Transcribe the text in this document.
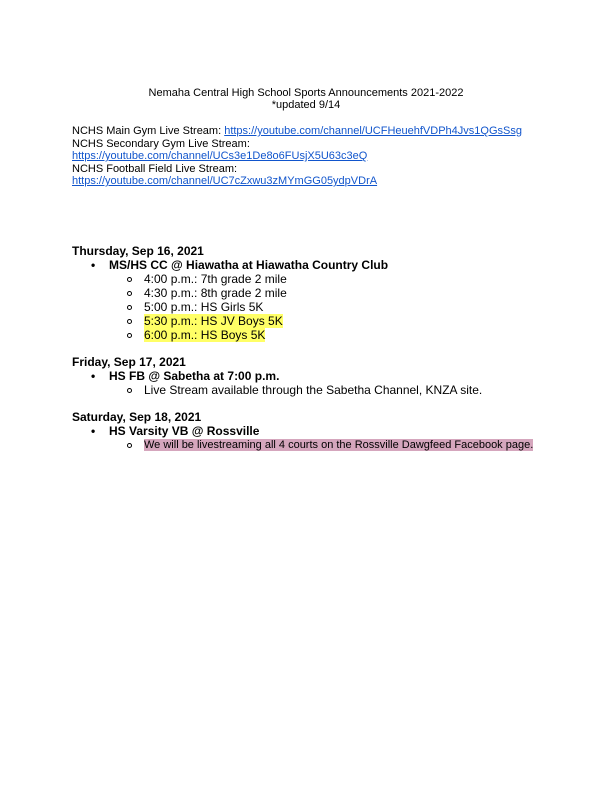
Nemaha Central High School Sports Announcements 2021-2022
*updated 9/14
NCHS Main Gym Live Stream: https://youtube.com/channel/UCFHeuehfVDPh4Jvs1QGsSsg
NCHS Secondary Gym Live Stream:
https://youtube.com/channel/UCs3e1De8o6FUsjX5U63c3eQ
NCHS Football Field Live Stream:
https://youtube.com/channel/UC7cZxwu3zMYmGG05ydpVDrA
Thursday, Sep 16, 2021
• MS/HS CC @ Hiawatha at Hiawatha Country Club
4:00 p.m.: 7th grade 2 mile
4:30 p.m.: 8th grade 2 mile
5:00 p.m.: HS Girls 5K
5:30 p.m.: HS JV Boys 5K
6:00 p.m.: HS Boys 5K
Friday, Sep 17, 2021
• HS FB @ Sabetha at 7:00 p.m.
Live Stream available through the Sabetha Channel, KNZA site.
Saturday, Sep 18, 2021
• HS Varsity VB @ Rossville
We will be livestreaming all 4 courts on the Rossville Dawgfeed Facebook page.
